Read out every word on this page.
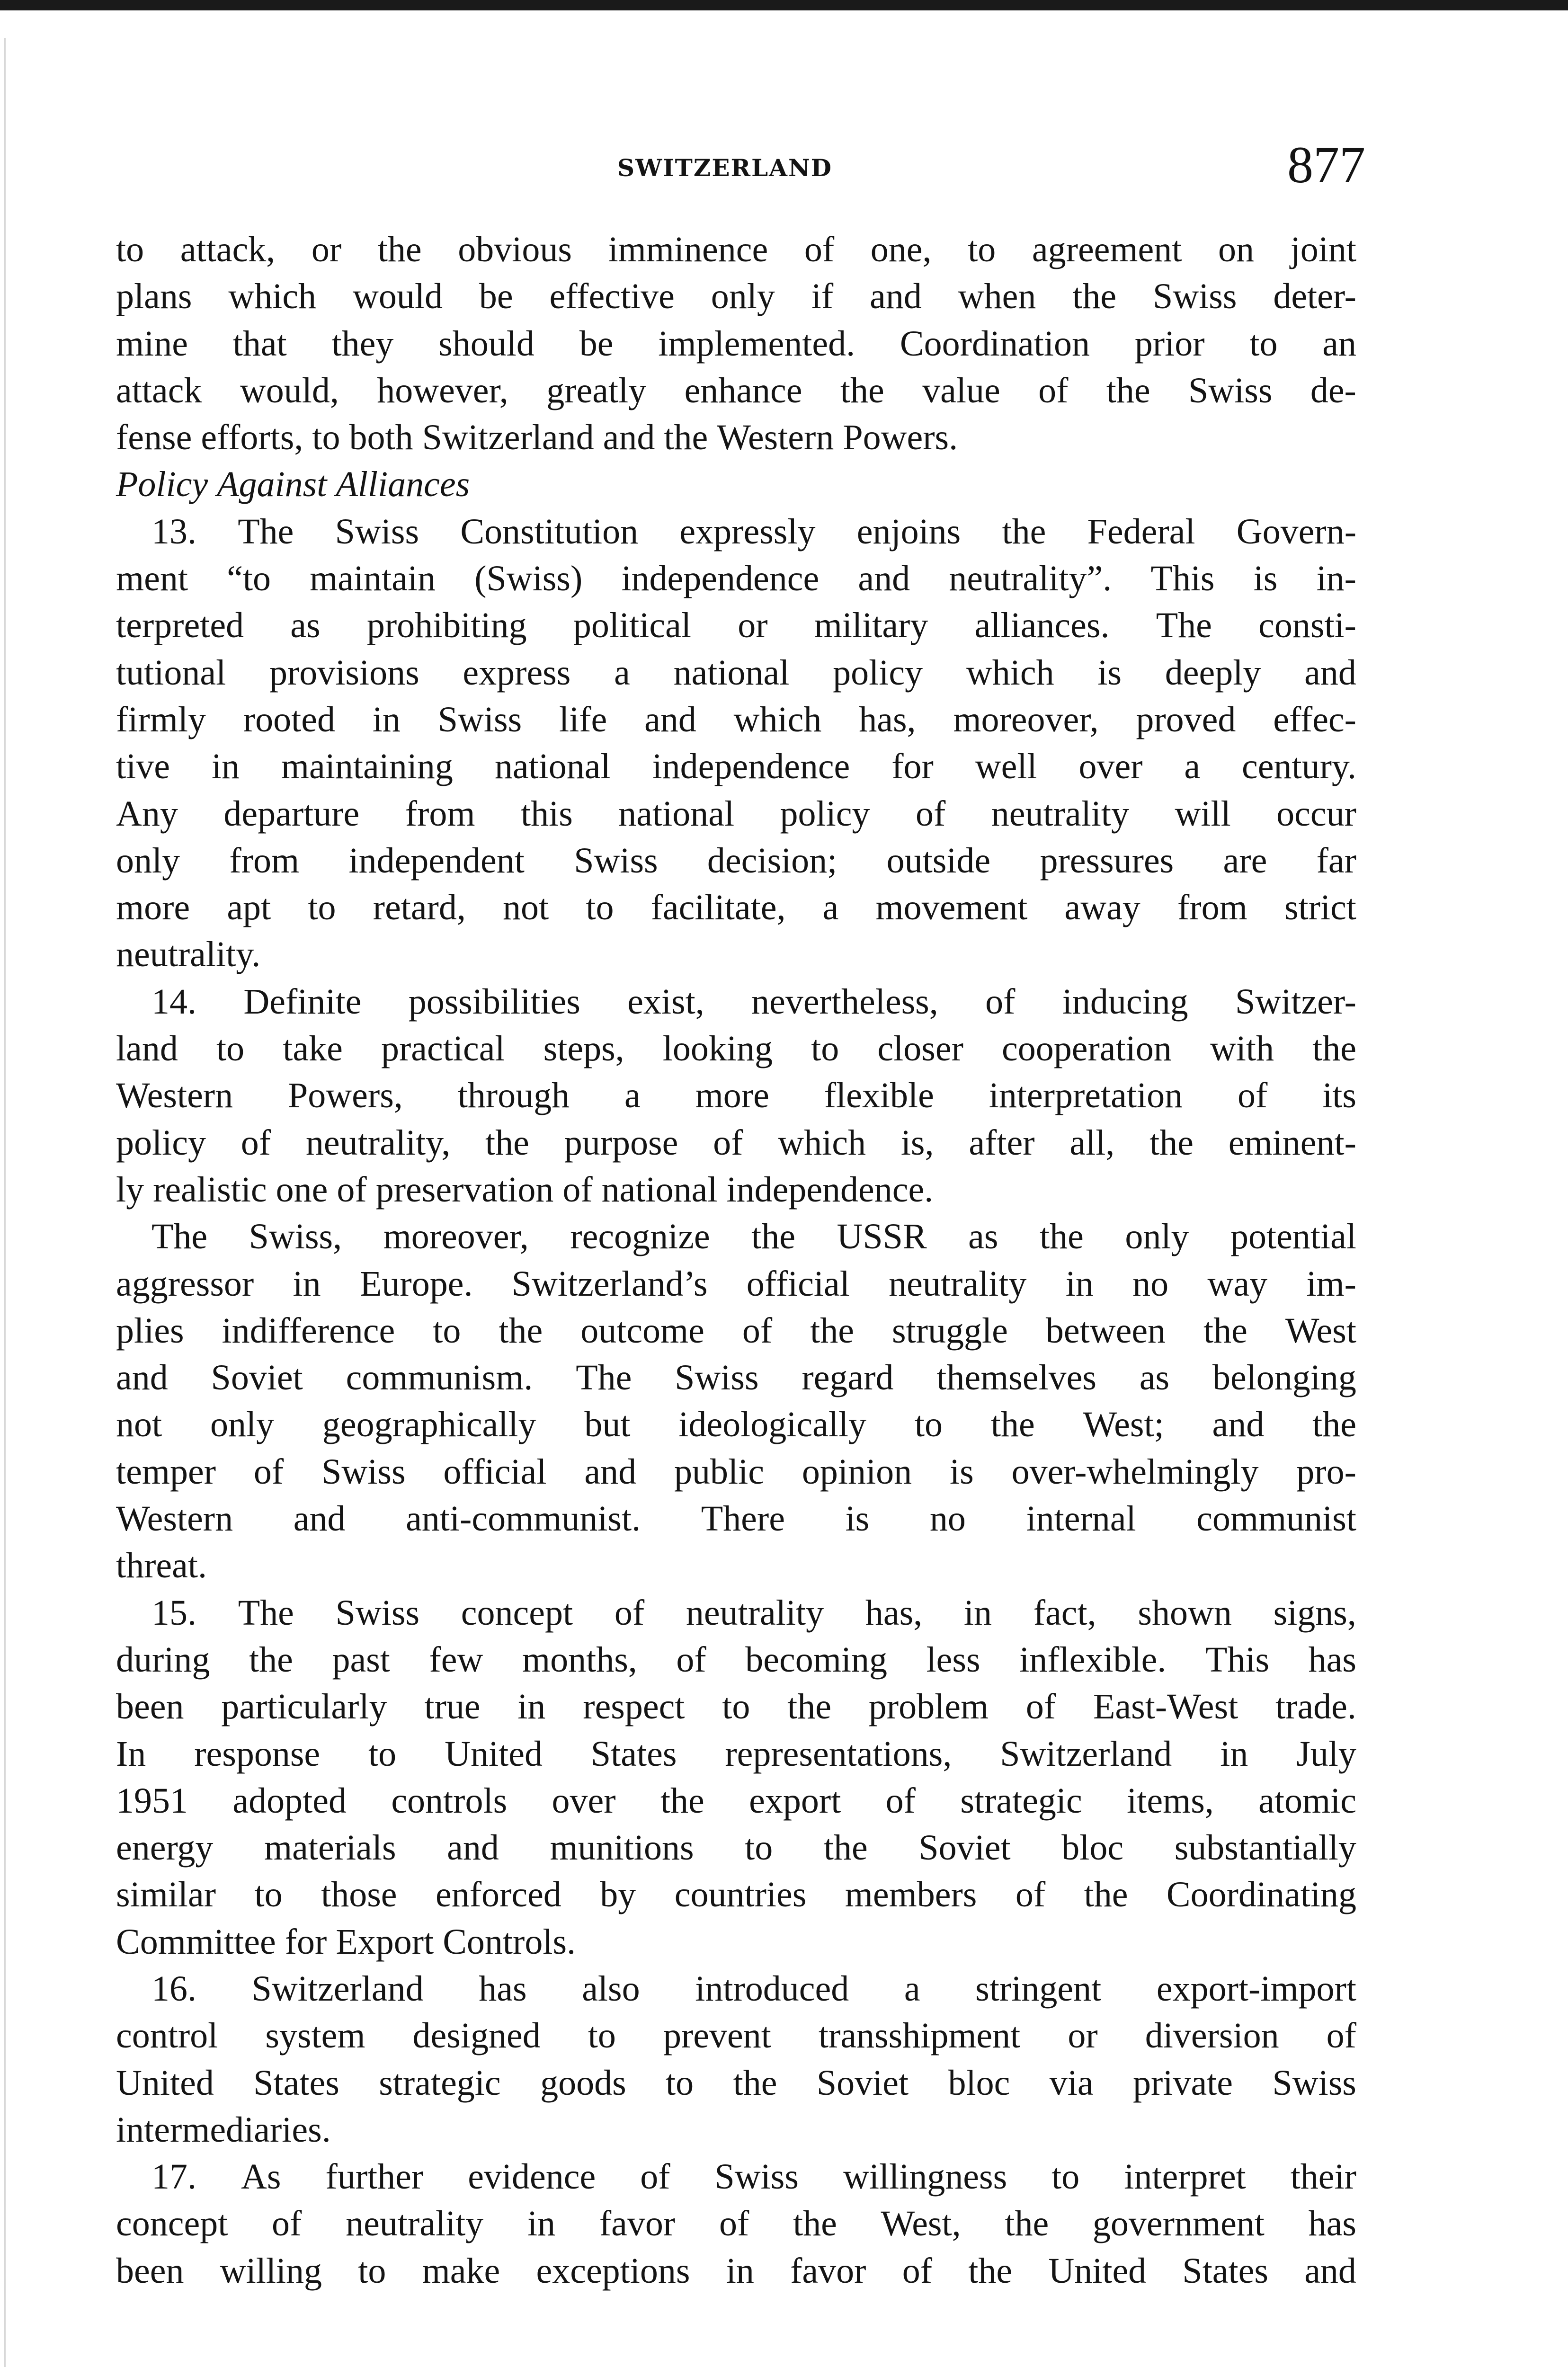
SWITZERLAND	877
to attack, or the obvious imminence of one, to agreement on joint
plans which would be effective only if and when the Swiss deter-
mine that they should be implemented. Coordination prior to an
attack would, however, greatly enhance the value of the Swiss de-
fense efforts, to both Switzerland and the Western Powers.
Policy Against Alliances
13. The Swiss Constitution expressly enjoins the Federal Govern-
ment “to maintain (Swiss) independence and neutrality”. This is in-
terpreted as prohibiting political or military alliances. The consti-
tutional provisions express a national policy which is deeply and
firmly rooted in Swiss life and which has, moreover, proved effec-
tive in maintaining national independence for well over a century.
Any departure from this national policy of neutrality will occur
only from independent Swiss decision; outside pressures are far
more apt to retard, not to facilitate, a movement away from strict
neutrality.
14. Definite possibilities exist, nevertheless, of inducing Switzer-
land to take practical steps, looking to closer cooperation with the
Western Powers, through a more flexible interpretation of its
policy of neutrality, the purpose of which is, after all, the eminent-
ly realistic one of preservation of national independence.
The Swiss, moreover, recognize the USSR as the only potential
aggressor in Europe. Switzerland’s official neutrality in no way im-
plies indifference to the outcome of the struggle between the West
and Soviet communism. The Swiss regard themselves as belonging
not only geographically but ideologically to the West; and the
temper of Swiss official and public opinion is over-whelmingly pro-
Western and anti-communist. There is no internal communist
threat.
15. The Swiss concept of neutrality has, in fact, shown signs,
during the past few months, of becoming less inflexible. This has
been particularly true in respect to the problem of East-West trade.
In response to United States representations, Switzerland in July
1951 adopted controls over the export of strategic items, atomic
energy materials and munitions to the Soviet bloc substantially
similar to those enforced by countries members of the Coordinating
Committee for Export Controls.
16. Switzerland has also introduced a stringent export-import
control system designed to prevent transshipment or diversion of
United States strategic goods to the Soviet bloc via private Swiss
intermediaries.
17. As further evidence of Swiss willingness to interpret their
concept of neutrality in favor of the West, the government has
been willing to make exceptions in favor of the United States and
